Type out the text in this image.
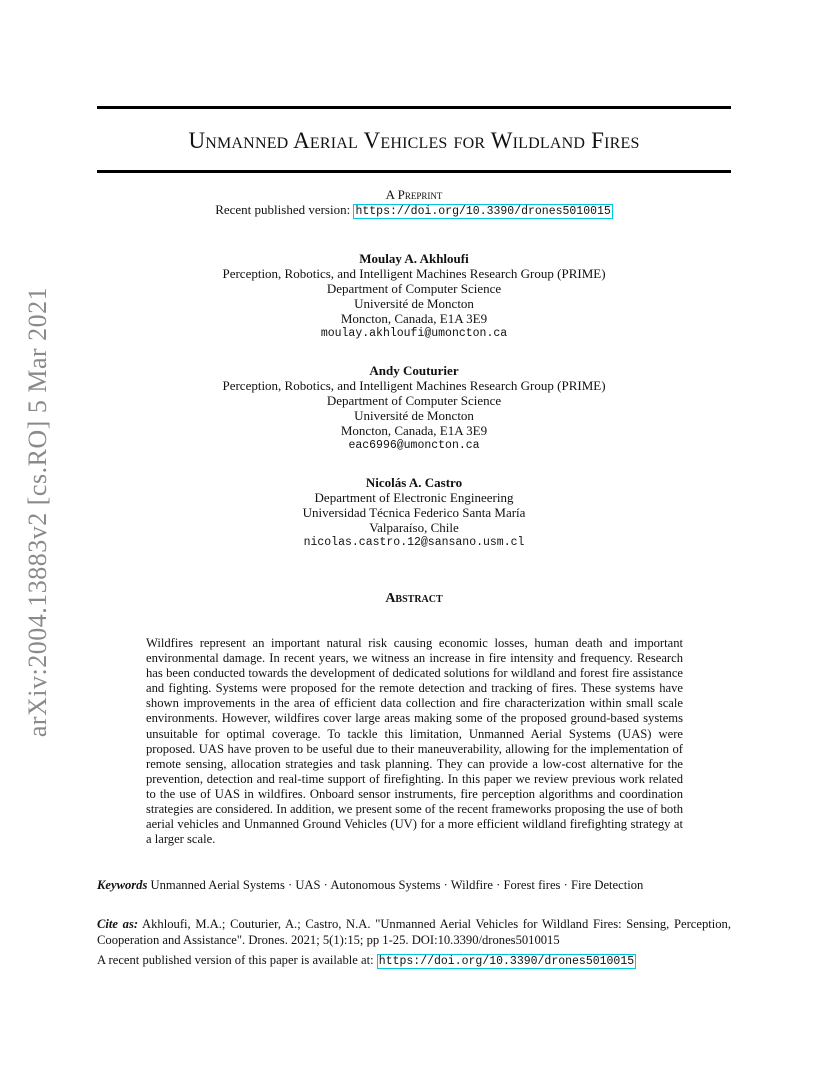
arXiv:2004.13883v2 [cs.RO] 5 Mar 2021
Unmanned Aerial Vehicles for Wildland Fires
A Preprint
Recent published version: https://doi.org/10.3390/drones5010015
Moulay A. Akhloufi
Perception, Robotics, and Intelligent Machines Research Group (PRIME)
Department of Computer Science
Université de Moncton
Moncton, Canada, E1A 3E9
moulay.akhloufi@umoncton.ca
Andy Couturier
Perception, Robotics, and Intelligent Machines Research Group (PRIME)
Department of Computer Science
Université de Moncton
Moncton, Canada, E1A 3E9
eac6996@umoncton.ca
Nicolás A. Castro
Department of Electronic Engineering
Universidad Técnica Federico Santa María
Valparaíso, Chile
nicolas.castro.12@sansano.usm.cl
Abstract

Wildfires represent an important natural risk causing economic losses, human death and important environmental damage. In recent years, we witness an increase in fire intensity and frequency. Research has been conducted towards the development of dedicated solutions for wildland and forest fire assistance and fighting. Systems were proposed for the remote detection and tracking of fires. These systems have shown improvements in the area of efficient data collection and fire characterization within small scale environments. However, wildfires cover large areas making some of the proposed ground-based systems unsuitable for optimal coverage. To tackle this limitation, Unmanned Aerial Systems (UAS) were proposed. UAS have proven to be useful due to their maneuverability, allowing for the implementation of remote sensing, allocation strategies and task planning. They can provide a low-cost alternative for the prevention, detection and real-time support of firefighting. In this paper we review previous work related to the use of UAS in wildfires. Onboard sensor instruments, fire perception algorithms and coordination strategies are considered. In addition, we present some of the recent frameworks proposing the use of both aerial vehicles and Unmanned Ground Vehicles (UV) for a more efficient wildland firefighting strategy at a larger scale.

Keywords Unmanned Aerial Systems · UAS · Autonomous Systems · Wildfire · Forest fires · Fire Detection
Cite as: Akhloufi, M.A.; Couturier, A.; Castro, N.A. "Unmanned Aerial Vehicles for Wildland Fires: Sensing, Perception, Cooperation and Assistance". Drones. 2021; 5(1):15; pp 1-25. DOI:10.3390/drones5010015
A recent published version of this paper is available at: https://doi.org/10.3390/drones5010015
